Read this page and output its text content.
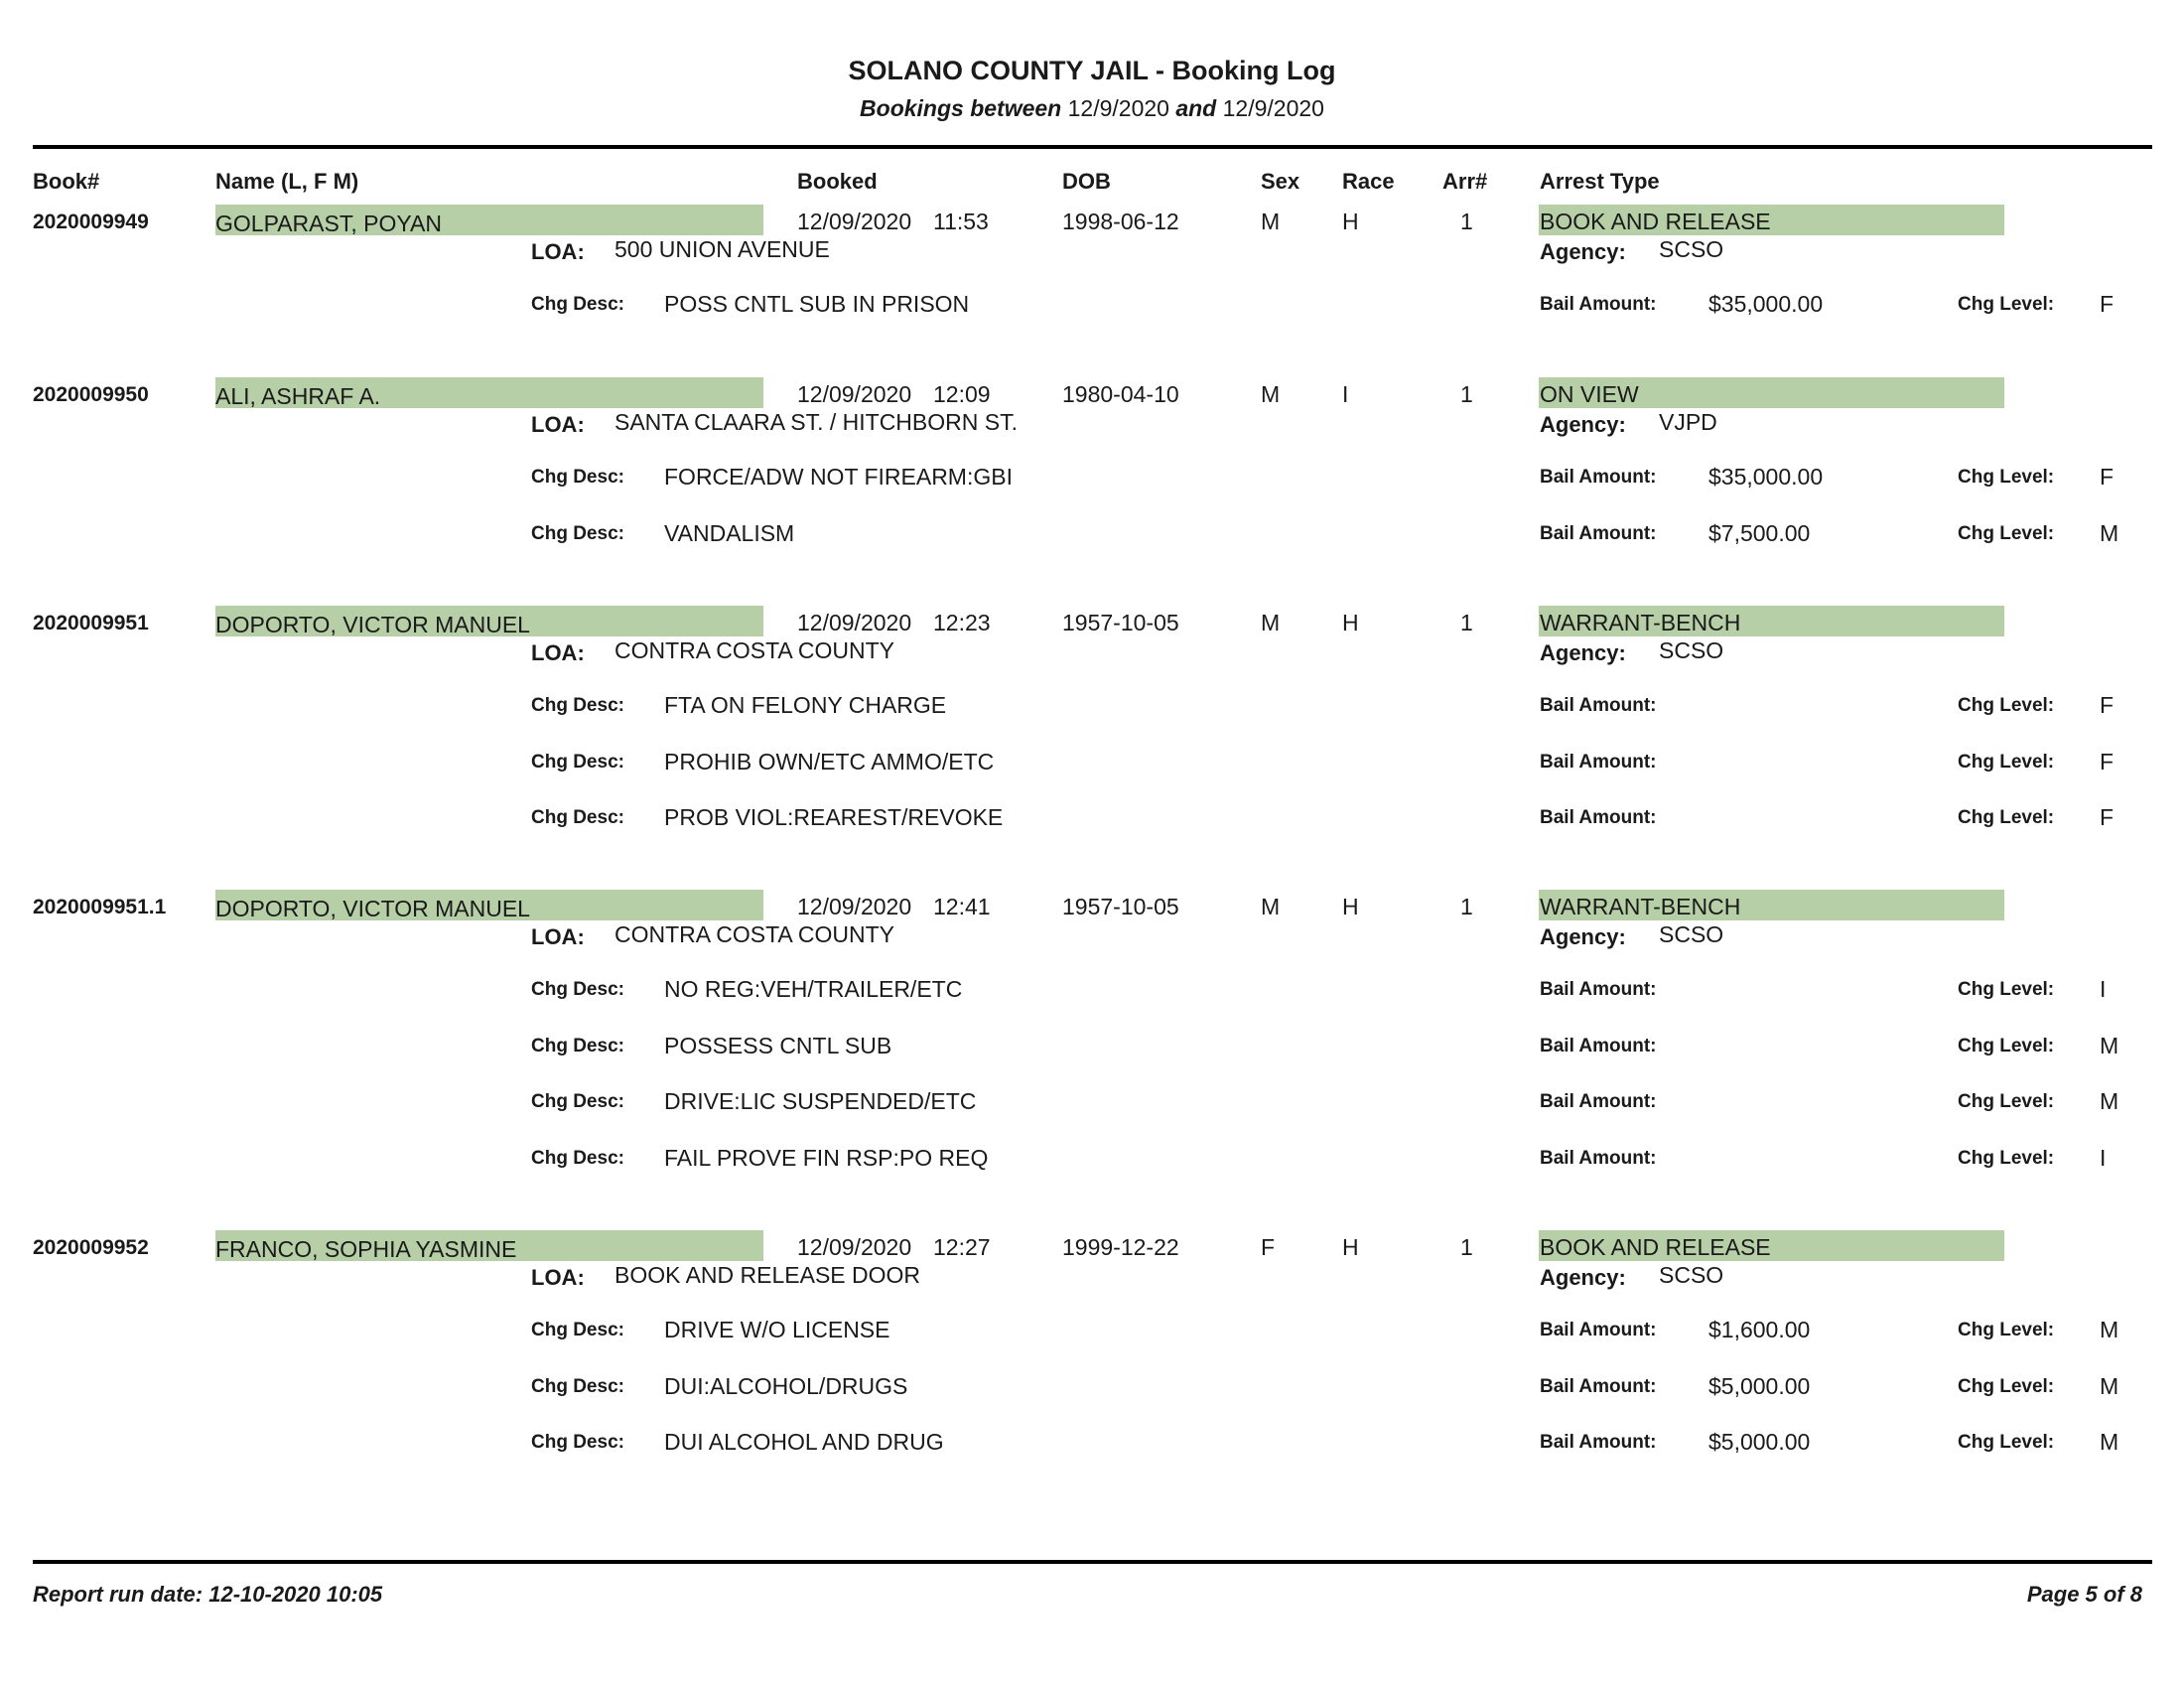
SOLANO COUNTY JAIL - Booking Log
Bookings between 12/9/2020 and 12/9/2020
Book#	Name (L, F M)	Booked	DOB	Sex Race Arr# Arrest Type
2020009949	GOLPARAST, POYAN	12/09/2020 11:53	1998-06-12	M	H	1	BOOK AND RELEASE
LOA: 500 UNION AVENUE	Agency: SCSO
Chg Desc: POSS CNTL SUB IN PRISON	Bail Amount: $35,000.00	Chg Level: F
2020009950	ALI, ASHRAF A.	12/09/2020 12:09	1980-04-10	M	I	1	ON VIEW
LOA: SANTA CLAARA ST. / HITCHBORN ST.	Agency: VJPD
Chg Desc: FORCE/ADW NOT FIREARM:GBI	Bail Amount: $35,000.00	Chg Level: F
Chg Desc: VANDALISM	Bail Amount: $7,500.00	Chg Level: M
2020009951	DOPORTO, VICTOR MANUEL	12/09/2020 12:23	1957-10-05	M	H	1	WARRANT-BENCH
LOA: CONTRA COSTA COUNTY	Agency: SCSO
Chg Desc: FTA ON FELONY CHARGE	Bail Amount:	Chg Level: F
Chg Desc: PROHIB OWN/ETC AMMO/ETC	Bail Amount:	Chg Level: F
Chg Desc: PROB VIOL:REAREST/REVOKE	Bail Amount:	Chg Level: F
2020009951.1 DOPORTO, VICTOR MANUEL	12/09/2020 12:41	1957-10-05	M	H	1	WARRANT-BENCH
LOA: CONTRA COSTA COUNTY	Agency: SCSO
Chg Desc: NO REG:VEH/TRAILER/ETC	Bail Amount:	Chg Level: I
Chg Desc: POSSESS CNTL SUB	Bail Amount:	Chg Level: M
Chg Desc: DRIVE:LIC SUSPENDED/ETC	Bail Amount:	Chg Level: M
Chg Desc: FAIL PROVE FIN RSP:PO REQ	Bail Amount:	Chg Level: I
2020009952	FRANCO, SOPHIA YASMINE	12/09/2020 12:27	1999-12-22	F	H	1	BOOK AND RELEASE
LOA: BOOK AND RELEASE DOOR	Agency: SCSO
Chg Desc: DRIVE W/O LICENSE	Bail Amount: $1,600.00	Chg Level: M
Chg Desc: DUI:ALCOHOL/DRUGS	Bail Amount: $5,000.00	Chg Level: M
Chg Desc: DUI ALCOHOL AND DRUG	Bail Amount: $5,000.00	Chg Level: M
Report run date: 12-10-2020 10:05	Page 5 of 8
